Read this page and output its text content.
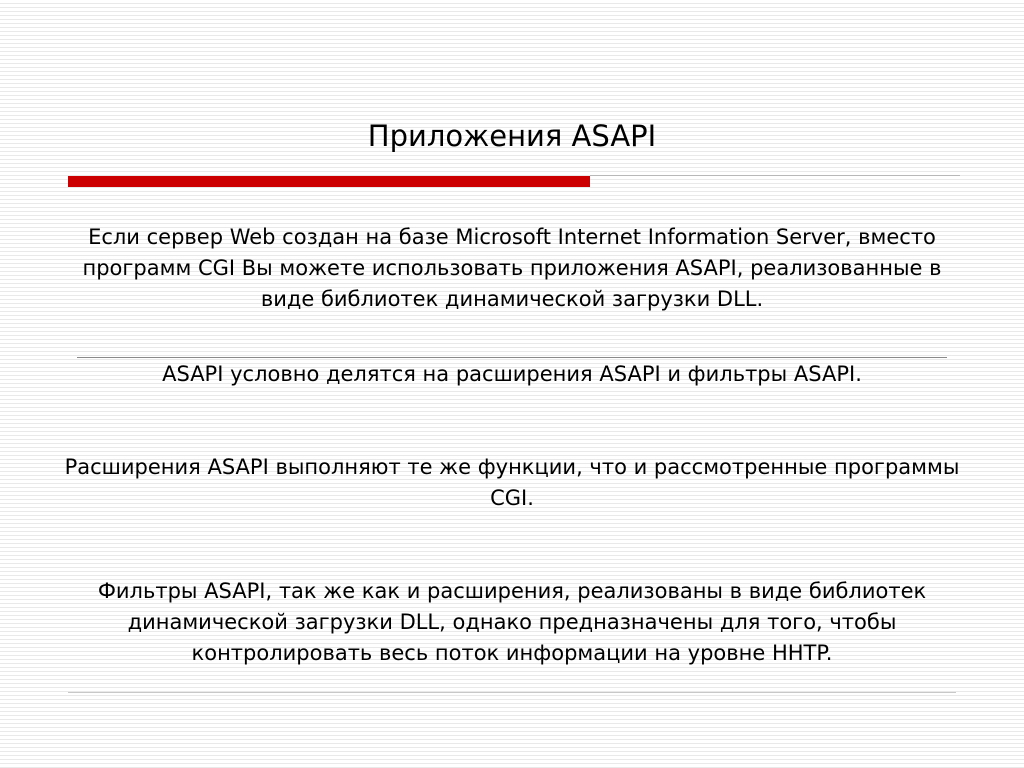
Приложения ASAPI

Если сервер Web создан на базе Microsoft Internet Information Server, вместо программ CGI Вы можете использовать приложения ASAPI, реализованные в виде библиотек динамической загрузки DLL.

ASAPI условно делятся на расширения ASAPI и фильтры ASAPI.

Расширения ASAPI выполняют те же функции, что и рассмотренные программы CGI.

Фильтры ASAPI, так же как и расширения, реализованы в виде библиотек динамической загрузки DLL, однако предназначены для того, чтобы контролировать весь поток информации на уровне HHTP.
